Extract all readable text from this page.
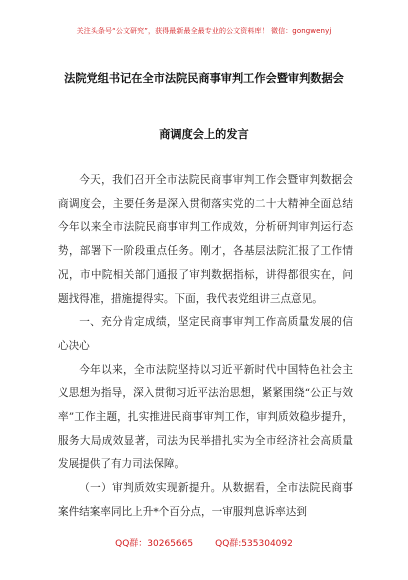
关注头条号“公文研究”，获得最新最全最专业的公文资料库！ 微信：gongwenyj
法院党组书记在全市法院民商事审判工作会暨审判数据会
商调度会上的发言

今天，我们召开全市法院民商事审判工作会暨审判数据会商调度会，主要任务是深入贯彻落实党的二十大精神全面总结今年以来全市法院民商事审判工作成效，分析研判审判运行态势，部署下一阶段重点任务。刚才，各基层法院汇报了工作情况，市中院相关部门通报了审判数据指标，讲得都很实在，问题找得准，措施提得实。下面，我代表党组讲三点意见。

一、充分肯定成绩，坚定民商事审判工作高质量发展的信心决心

今年以来，全市法院坚持以习近平新时代中国特色社会主义思想为指导，深入贯彻习近平法治思想，紧紧围绕“公正与效率”工作主题，扎实推进民商事审判工作，审判质效稳步提升，服务大局成效显著，司法为民举措扎实为全市经济社会高质量发展提供了有力司法保障。

（一）审判质效实现新提升。从数据看，全市法院民商事案件结案率同比上升*个百分点，一审服判息诉率达到

QQ群：30265665 QQ群:535304092
